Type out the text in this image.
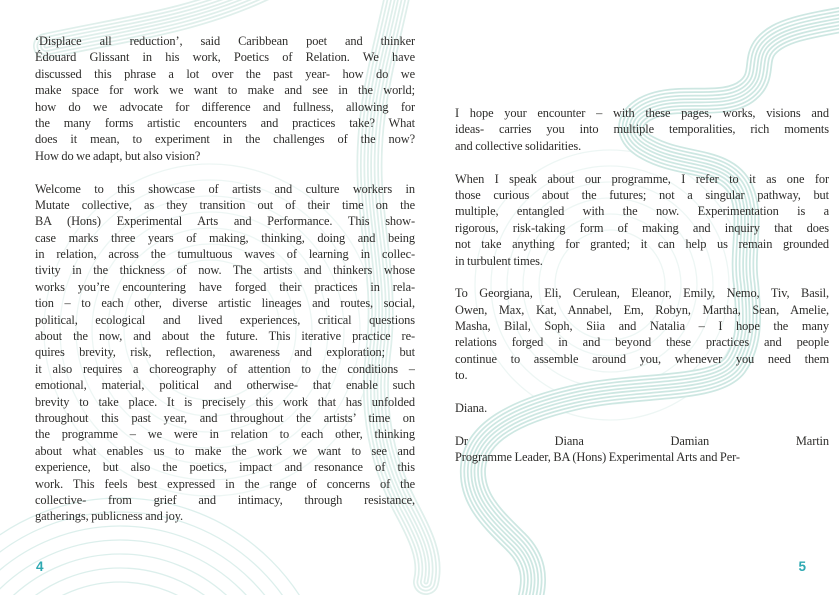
‘Displace all reduction’, said Caribbean poet and thinker
Édouard Glissant in his work, Poetics of Relation. We have
discussed this phrase a lot over the past year- how do we
make space for work we want to make and see in the world;
how do we advocate for difference and fullness, allowing for
the many forms artistic encounters and practices take? What
does it mean, to experiment in the challenges of the now?
How do we adapt, but also vision?
Welcome to this showcase of artists and culture workers in
Mutate collective, as they transition out of their time on the
BA (Hons) Experimental Arts and Performance. This show-
case marks three years of making, thinking, doing and being
in relation, across the tumultuous waves of learning in collec-
tivity in the thickness of now. The artists and thinkers whose
works you’re encountering have forged their practices in rela-
tion – to each other, diverse artistic lineages and routes, social,
political, ecological and lived experiences, critical questions
about the now, and about the future. This iterative practice re-
quires brevity, risk, reflection, awareness and exploration; but
it also requires a choreography of attention to the conditions –
emotional, material, political and otherwise- that enable such
brevity to take place. It is precisely this work that has unfolded
throughout this past year, and throughout the artists’ time on
the programme – we were in relation to each other, thinking
about what enables us to make the work we want to see and
experience, but also the poetics, impact and resonance of this
work. This feels best expressed in the range of concerns of the
collective- from grief and intimacy, through resistance,
gatherings, publicness and joy.
I hope your encounter – with these pages, works, visions and
ideas- carries you into multiple temporalities, rich moments
and collective solidarities.
When I speak about our programme, I refer to it as one for
those curious about the futures; not a singular pathway, but
multiple, entangled with the now. Experimentation is a
rigorous, risk-taking form of making and inquiry that does
not take anything for granted; it can help us remain grounded
in turbulent times.
To Georgiana, Eli, Cerulean, Eleanor, Emily, Nemo, Tiv, Basil,
Owen, Max, Kat, Annabel, Em, Robyn, Martha, Sean, Amelie,
Masha, Bilal, Soph, Siia and Natalia – I hope the many
relations forged in and beyond these practices and people
continue to assemble around you, whenever you need them
to.
Diana.
Dr Diana Damian Martin
Programme Leader, BA (Hons) Experimental Arts and Per-
4	5
